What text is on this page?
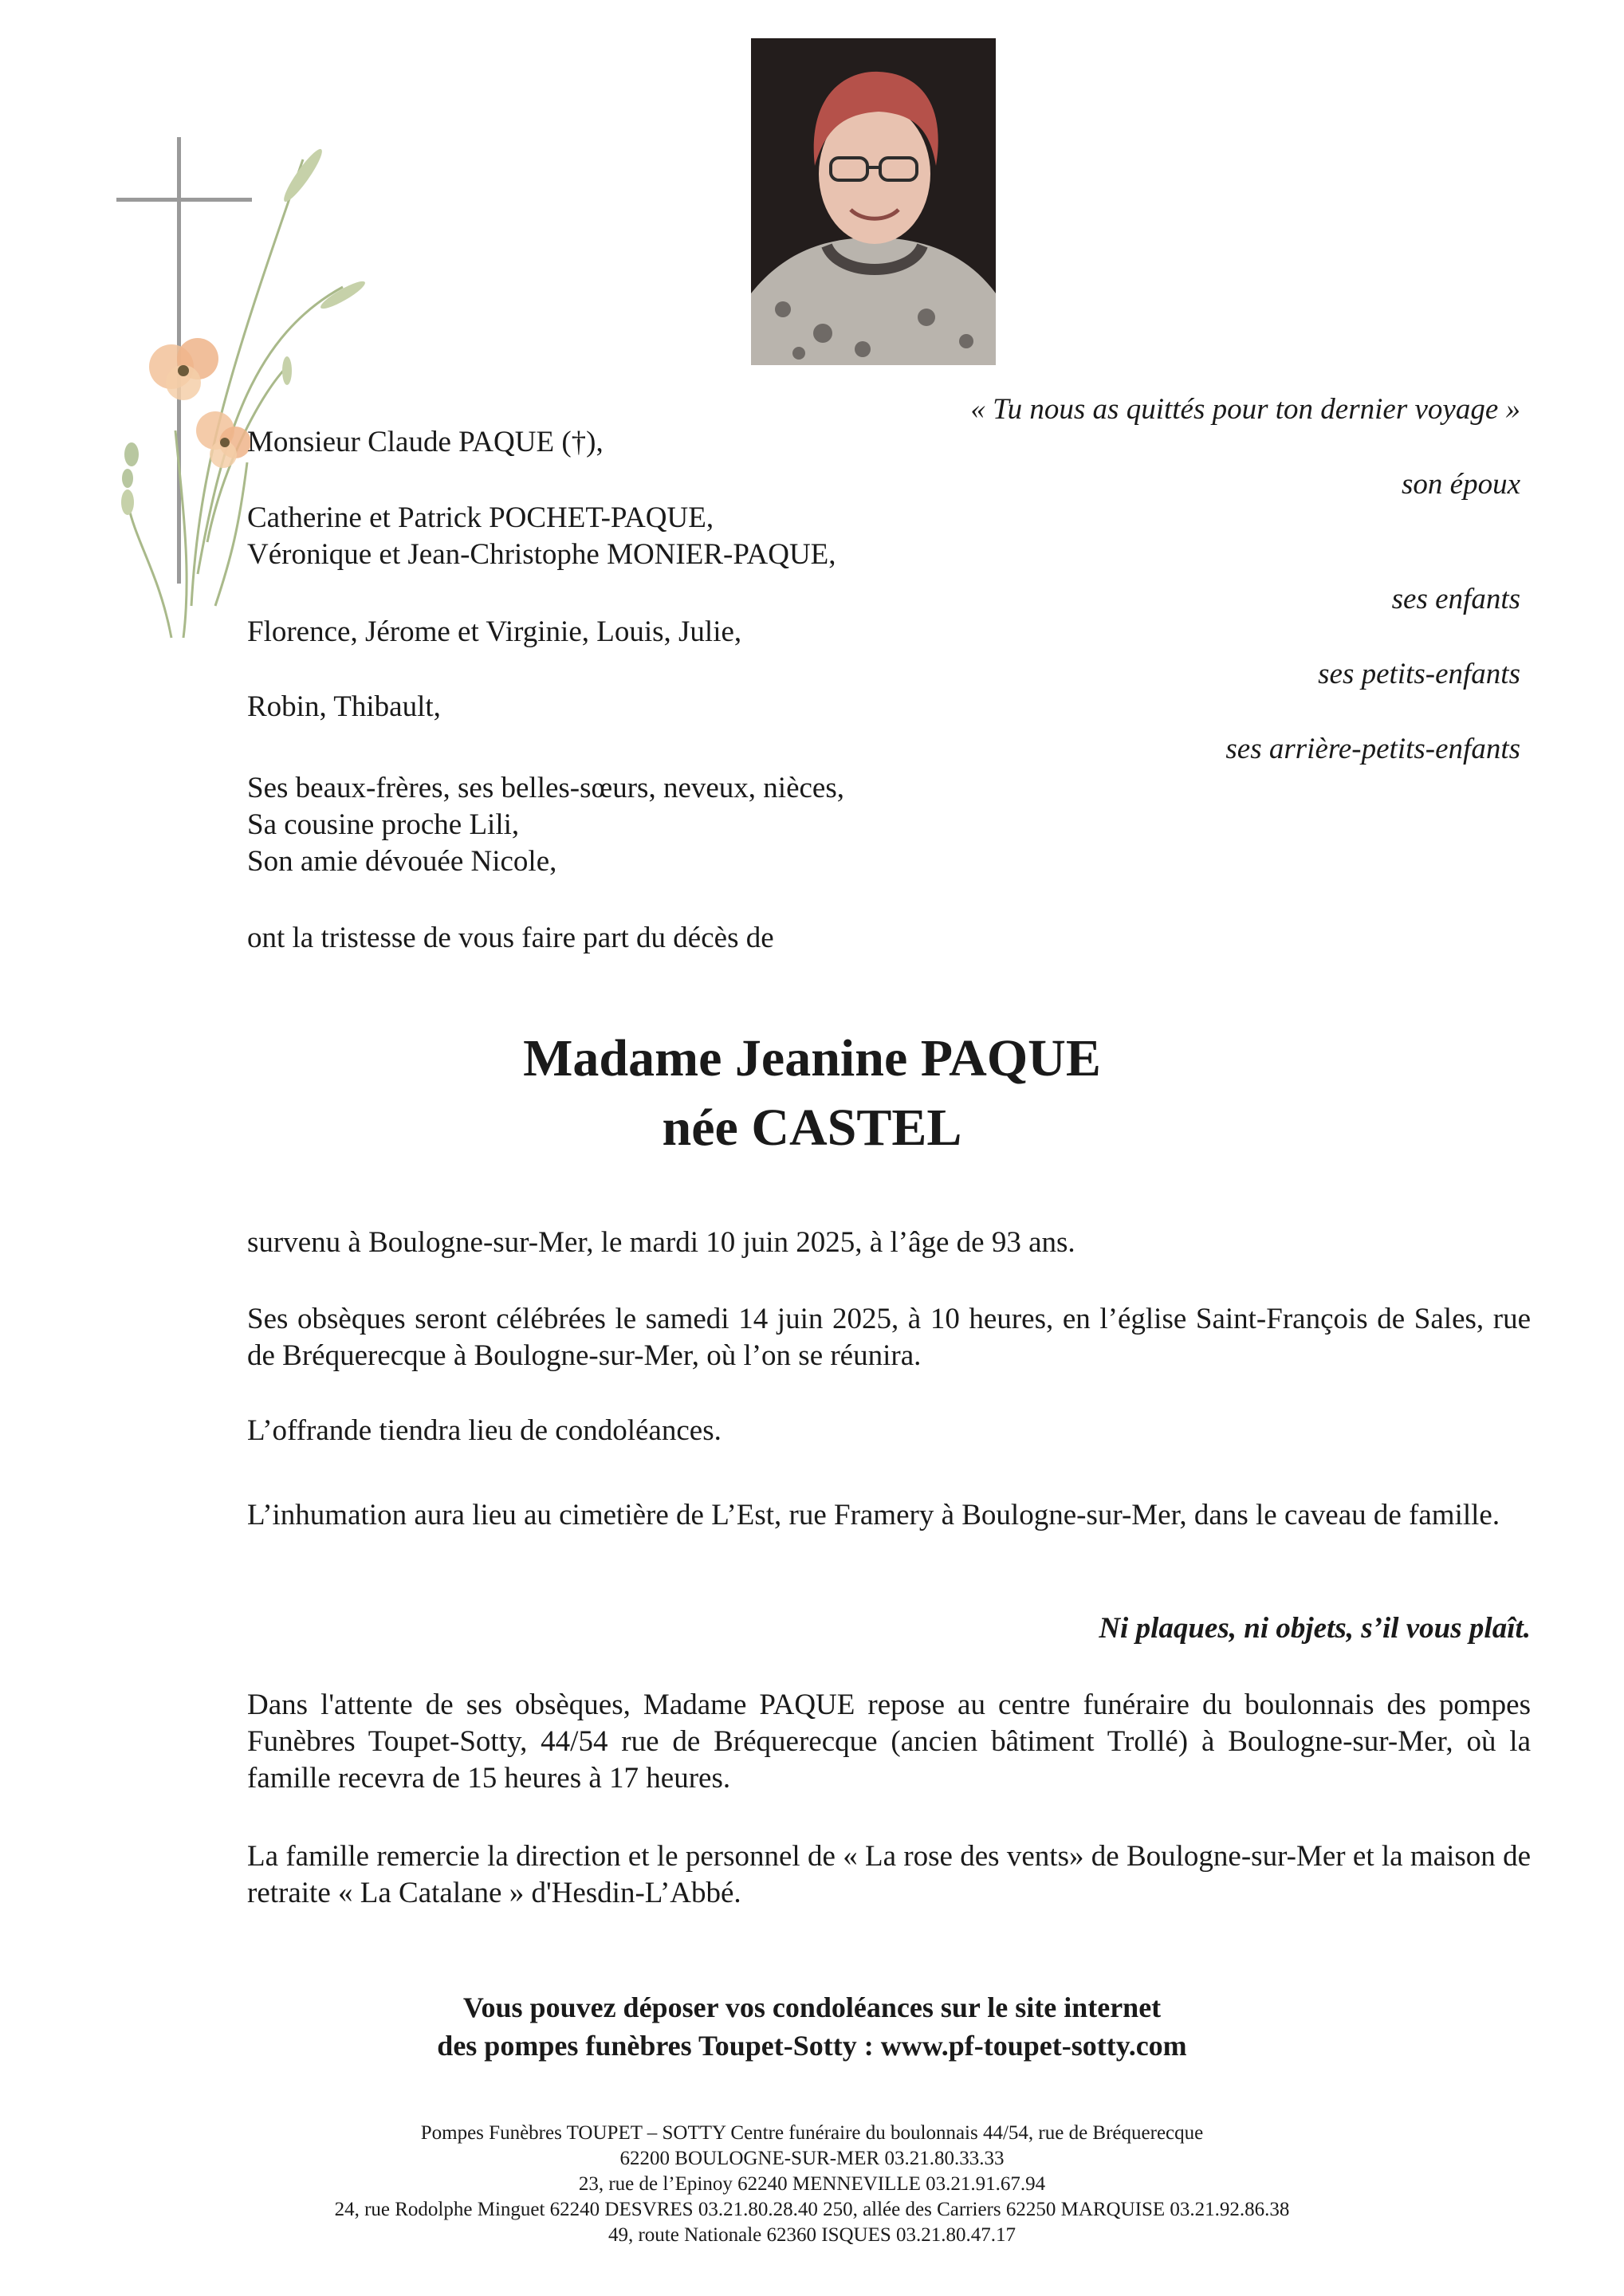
« Tu nous as quittés pour ton dernier voyage »
Monsieur Claude PAQUE (†),
son époux
Catherine et Patrick POCHET-PAQUE,
Véronique et Jean-Christophe MONIER-PAQUE,
ses enfants
Florence, Jérome et Virginie, Louis, Julie,
ses petits-enfants
Robin, Thibault,
ses arrière-petits-enfants
Ses beaux-frères, ses belles-sœurs, neveux, nièces,
Sa cousine proche Lili,
Son amie dévouée Nicole,
ont la tristesse de vous faire part du décès de
Madame Jeanine PAQUE
née CASTEL
survenu à Boulogne-sur-Mer, le mardi 10 juin 2025, à l’âge de 93 ans.
Ses obsèques seront célébrées le samedi 14 juin 2025, à 10 heures, en l’église Saint-François de Sales, rue de Bréquerecque à Boulogne-sur-Mer, où l’on se réunira.
L’offrande tiendra lieu de condoléances.
L’inhumation aura lieu au cimetière de L’Est, rue Framery à Boulogne-sur-Mer, dans le caveau de famille.
Ni plaques, ni objets, s’il vous plaît.
Dans l'attente de ses obsèques, Madame PAQUE repose au centre funéraire du boulonnais des pompes Funèbres Toupet-Sotty, 44/54 rue de Bréquerecque (ancien bâtiment Trollé) à Boulogne-sur-Mer, où la famille recevra de 15 heures à 17 heures.
La famille remercie la direction et le personnel de « La rose des vents» de Boulogne-sur-Mer et la maison de retraite « La Catalane » d'Hesdin-L’Abbé.
Vous pouvez déposer vos condoléances sur le site internet
des pompes funèbres Toupet-Sotty : www.pf-toupet-sotty.com
Pompes Funèbres TOUPET – SOTTY Centre funéraire du boulonnais 44/54, rue de Bréquerecque
62200 BOULOGNE-SUR-MER 03.21.80.33.33
23, rue de l’Epinoy 62240 MENNEVILLE 03.21.91.67.94
24, rue Rodolphe Minguet 62240 DESVRES 03.21.80.28.40 250, allée des Carriers 62250 MARQUISE 03.21.92.86.38
49, route Nationale 62360 ISQUES 03.21.80.47.17
